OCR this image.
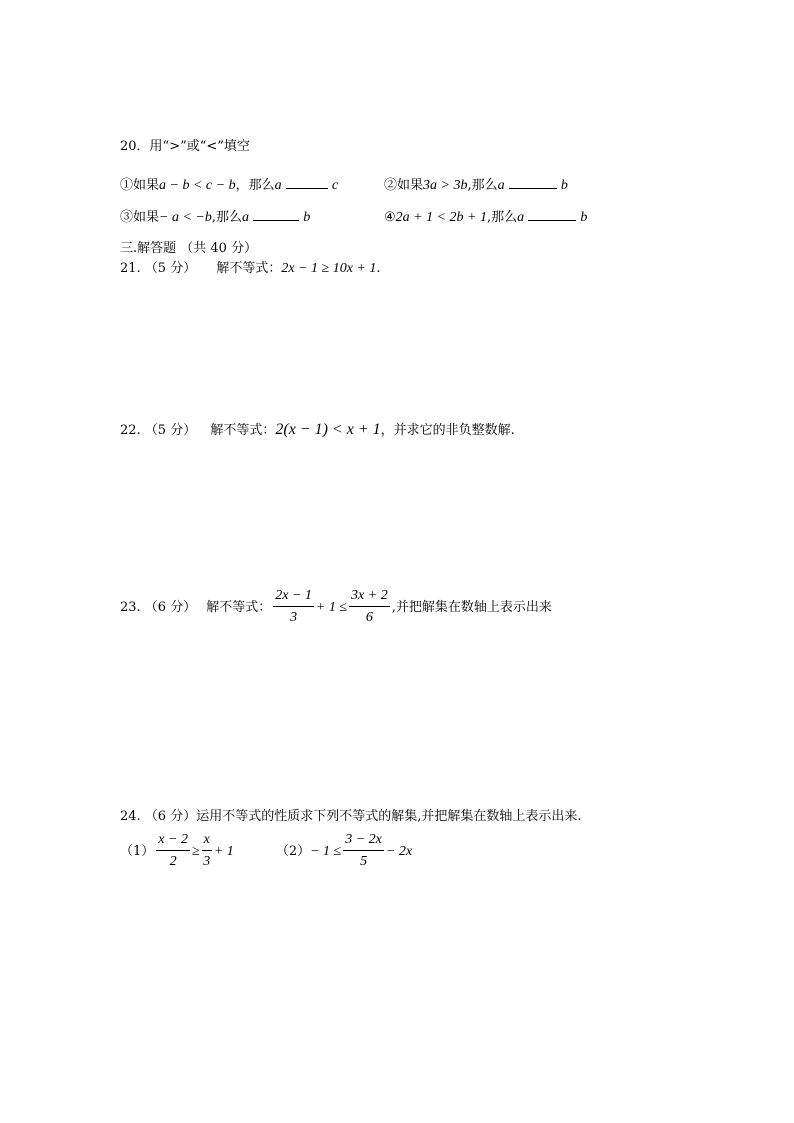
20．用“>”或“<”填空
①如果a − b < c − b，那么a	c	②如果3a > 3b,那么a	b
③如果− a < −b,那么a	b	④2a + 1 < 2b + 1,那么a	b
三.解答题 （共 40 分）
21. （5 分） 解不等式：2x − 1 ≥ 10x + 1.
22. （5 分） 解不等式：2(x − 1) < x + 1，并求它的非负整数解.
23. （6 分） 解不等式： $\frac{2x - 1}{3} + 1 \le \frac{3x + 2}{6}$ ,并把解集在数轴上表示出来
24. （6 分）运用不等式的性质求下列不等式的解集,并把解集在数轴上表示出来.
$(1) \frac{x - 2}{2} \ge \frac{x}{3} + 1$	$(2) - 1 \le \frac{3 - 2x}{5} - 2x$
